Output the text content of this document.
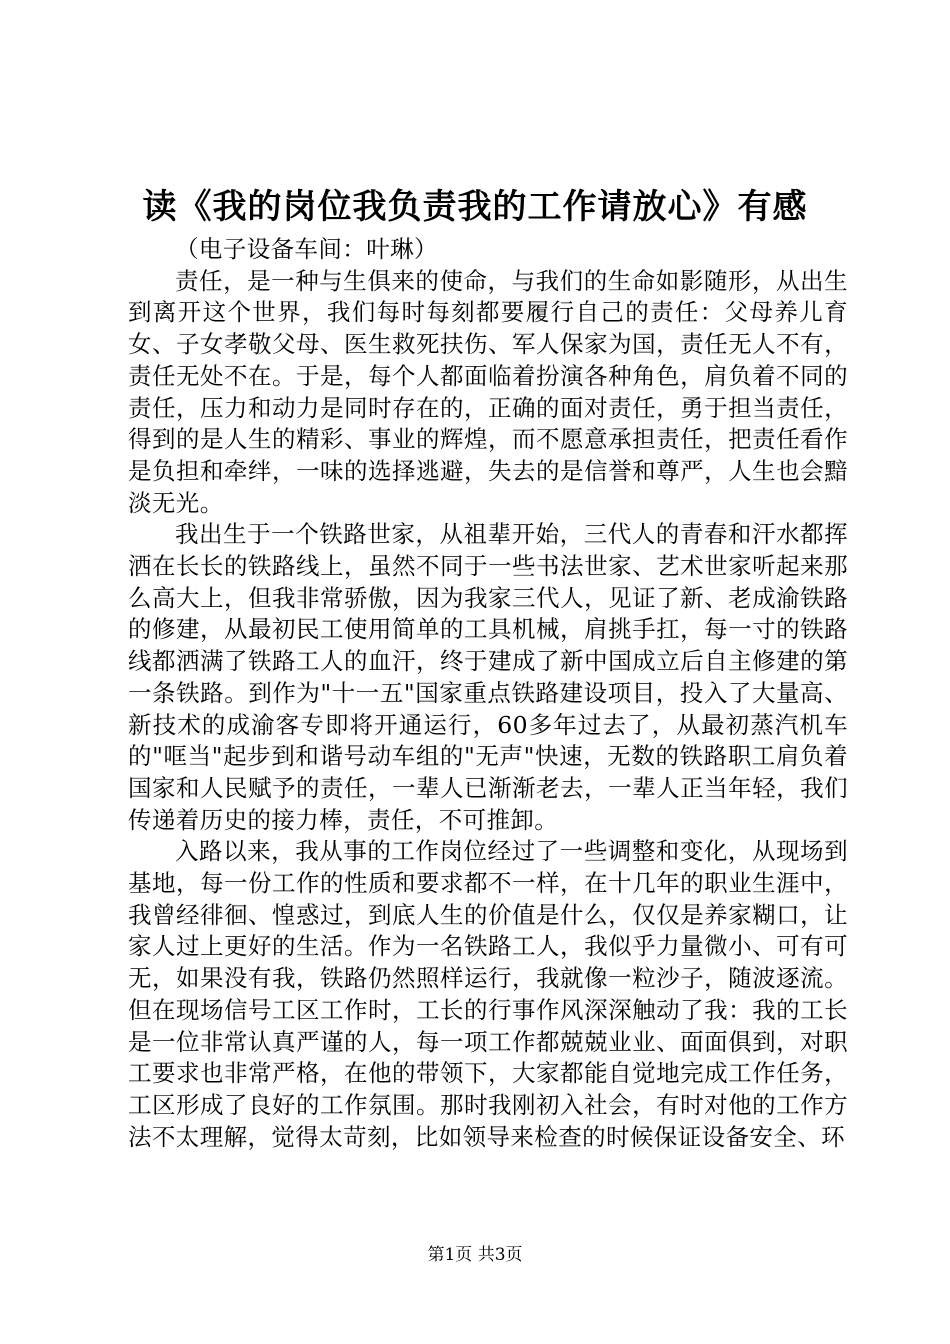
读《我的岗位我负责我的工作请放心》有感

（电子设备车间：叶琳）

责任，是一种与生俱来的使命，与我们的生命如影随形，从出生到离开这个世界，我们每时每刻都要履行自己的责任：父母养儿育女、子女孝敬父母、医生救死扶伤、军人保家为国，责任无人不有，责任无处不在。于是，每个人都面临着扮演各种角色，肩负着不同的责任，压力和动力是同时存在的，正确的面对责任，勇于担当责任，得到的是人生的精彩、事业的辉煌，而不愿意承担责任，把责任看作是负担和牵绊，一味的选择逃避，失去的是信誉和尊严，人生也会黯淡无光。

我出生于一个铁路世家，从祖辈开始，三代人的青春和汗水都挥洒在长长的铁路线上，虽然不同于一些书法世家、艺术世家听起来那么高大上，但我非常骄傲，因为我家三代人，见证了新、老成渝铁路的修建，从最初民工使用简单的工具机械，肩挑手扛，每一寸的铁路线都洒满了铁路工人的血汗，终于建成了新中国成立后自主修建的第一条铁路。到作为"十一五"国家重点铁路建设项目，投入了大量高、新技术的成渝客专即将开通运行，60多年过去了，从最初蒸汽机车的"哐当"起步到和谐号动车组的"无声"快速，无数的铁路职工肩负着国家和人民赋予的责任，一辈人已渐渐老去，一辈人正当年轻，我们传递着历史的接力棒，责任，不可推卸。

入路以来，我从事的工作岗位经过了一些调整和变化，从现场到基地，每一份工作的性质和要求都不一样，在十几年的职业生涯中，我曾经徘徊、惶惑过，到底人生的价值是什么，仅仅是养家糊口，让家人过上更好的生活。作为一名铁路工人，我似乎力量微小、可有可无，如果没有我，铁路仍然照样运行，我就像一粒沙子，随波逐流。但在现场信号工区工作时，工长的行事作风深深触动了我：我的工长是一位非常认真严谨的人，每一项工作都兢兢业业、面面俱到，对职工要求也非常严格，在他的带领下，大家都能自觉地完成工作任务，工区形成了良好的工作氛围。那时我刚初入社会，有时对他的工作方法不太理解，觉得太苛刻，比如领导来检查的时候保证设备安全、环

第1页 共3页
